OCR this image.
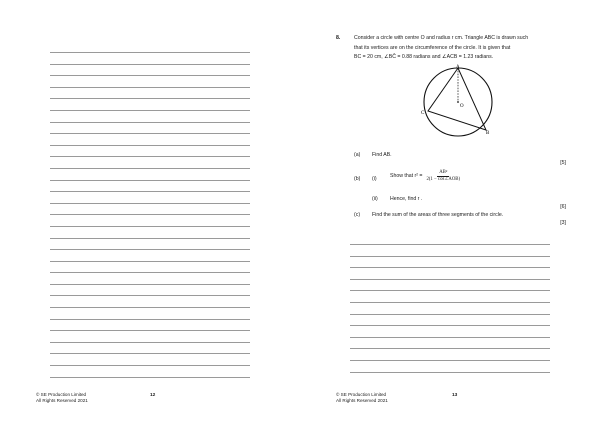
© SE Production Limited
All Rights Reserved 2021
12
8.	Consider a circle with centre O and radius r cm. Triangle ABC is drawn such
that its vertices are on the circumference of the circle. It is given that
BC = 20 cm, ∠BĈ = 0.88 radians and ∠ACB = 1.23 radians.
A
B
C
O
(a) Find AB.
[5]
(b) (i)	Show that $r^2 = \frac{\text{AB²}}{\text{2(1 − cos∠AOB)}}$
(ii) Hence, find r .
[6]
(c) Find the sum of the areas of three segments of the circle.
[3]
© SE Production Limited
All Rights Reserved 2021
13
